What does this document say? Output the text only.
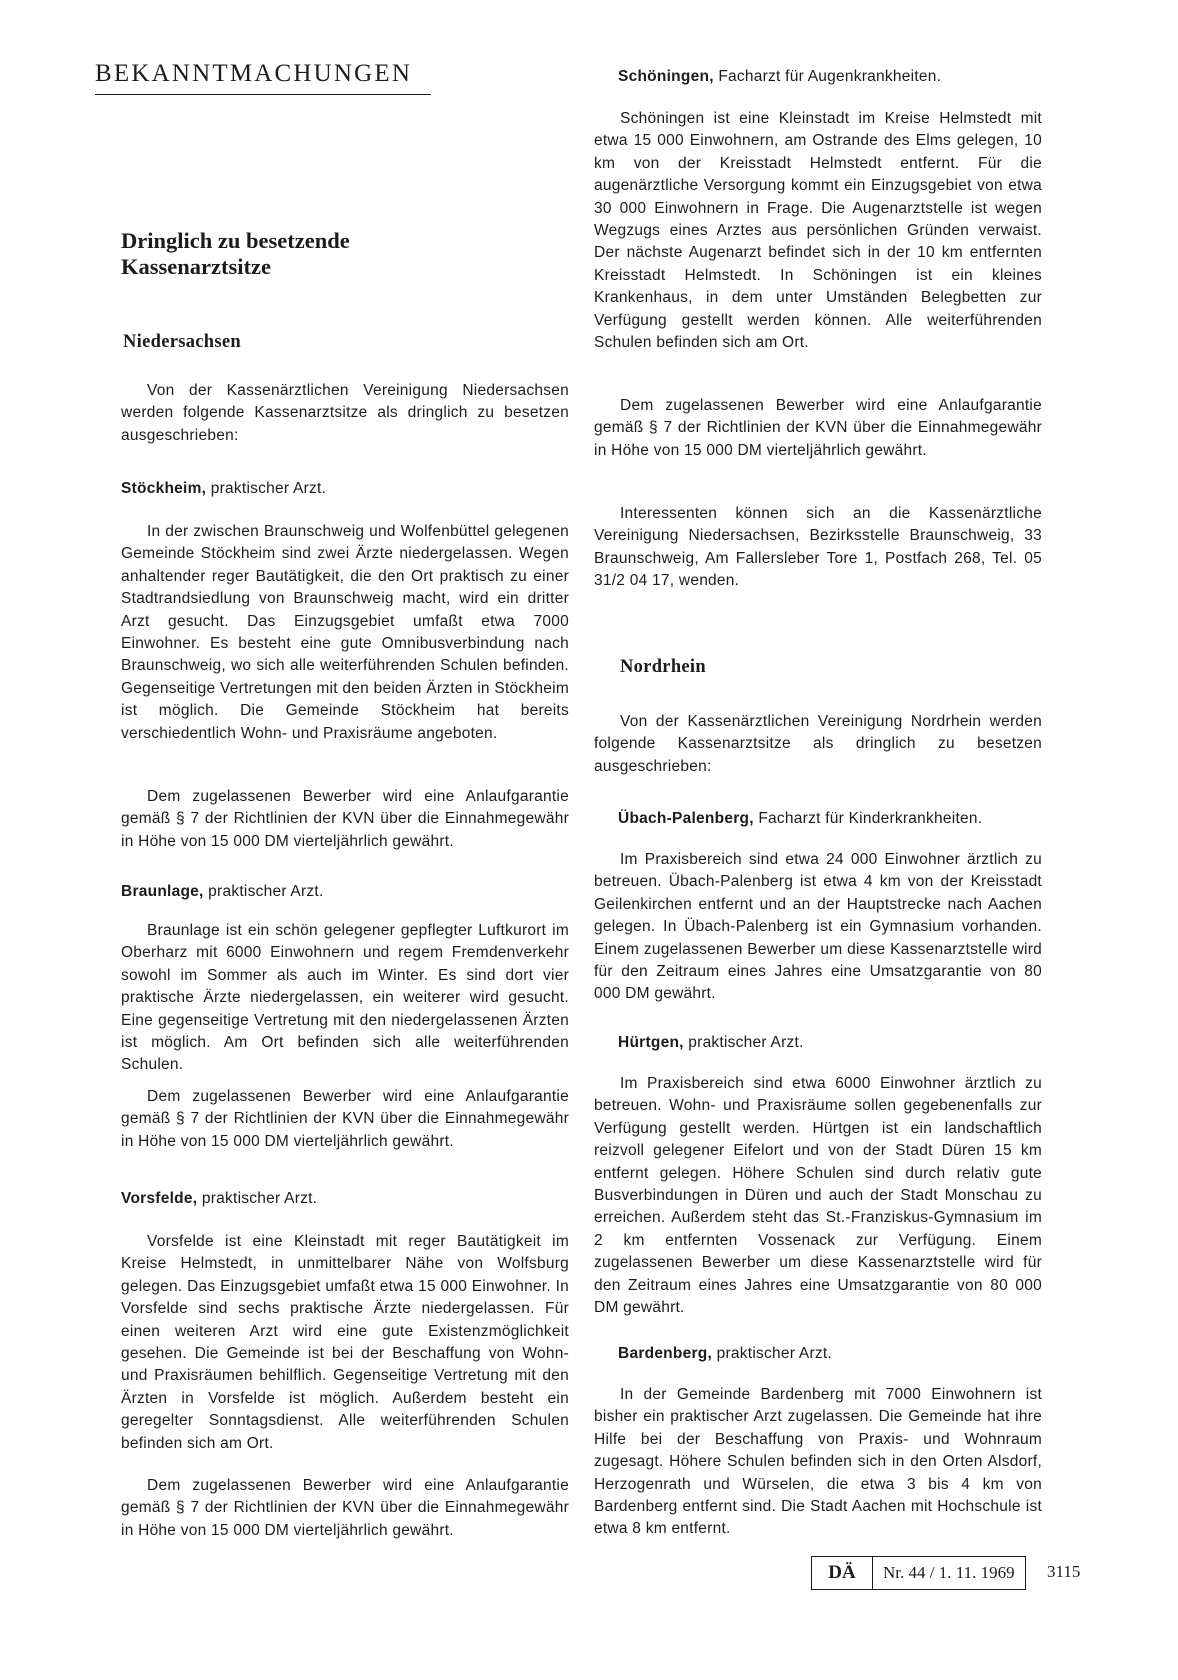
BEKANNTMACHUNGEN
Dringlich zu besetzende
Kassenarztsitze
Niedersachsen

Von der Kassenärztlichen Vereinigung Niedersachsen werden folgende Kassenarztsitze als dringlich zu besetzen ausgeschrieben:

Stöckheim, praktischer Arzt.

In der zwischen Braunschweig und Wolfenbüttel gelegenen Gemeinde Stöckheim sind zwei Ärzte niedergelassen. Wegen anhaltender reger Bautätigkeit, die den Ort praktisch zu einer Stadtrandsiedlung von Braunschweig macht, wird ein dritter Arzt gesucht. Das Einzugsgebiet umfaßt etwa 7000 Einwohner. Es besteht eine gute Omnibusverbindung nach Braunschweig, wo sich alle weiterführenden Schulen befinden. Gegenseitige Vertretungen mit den beiden Ärzten in Stöckheim ist möglich. Die Gemeinde Stöckheim hat bereits verschiedentlich Wohn- und Praxisräume angeboten.

Dem zugelassenen Bewerber wird eine Anlaufgarantie gemäß § 7 der Richtlinien der KVN über die Einnahmegewähr in Höhe von 15 000 DM vierteljährlich gewährt.

Braunlage, praktischer Arzt.

Braunlage ist ein schön gelegener gepflegter Luftkurort im Oberharz mit 6000 Einwohnern und regem Fremdenverkehr sowohl im Sommer als auch im Winter. Es sind dort vier praktische Ärzte niedergelassen, ein weiterer wird gesucht. Eine gegenseitige Vertretung mit den niedergelassenen Ärzten ist möglich. Am Ort befinden sich alle weiterführenden Schulen.

Dem zugelassenen Bewerber wird eine Anlaufgarantie gemäß § 7 der Richtlinien der KVN über die Einnahmegewähr in Höhe von 15 000 DM vierteljährlich gewährt.

Vorsfelde, praktischer Arzt.

Vorsfelde ist eine Kleinstadt mit reger Bautätigkeit im Kreise Helmstedt, in unmittelbarer Nähe von Wolfsburg gelegen. Das Einzugsgebiet umfaßt etwa 15 000 Einwohner. In Vorsfelde sind sechs praktische Ärzte niedergelassen. Für einen weiteren Arzt wird eine gute Existenzmöglichkeit gesehen. Die Gemeinde ist bei der Beschaffung von Wohn- und Praxisräumen behilflich. Gegenseitige Vertretung mit den Ärzten in Vorsfelde ist möglich. Außerdem besteht ein geregelter Sonntagsdienst. Alle weiterführenden Schulen befinden sich am Ort.

Dem zugelassenen Bewerber wird eine Anlaufgarantie gemäß § 7 der Richtlinien der KVN über die Einnahmegewähr in Höhe von 15 000 DM vierteljährlich gewährt.

Schöningen, Facharzt für Augenkrankheiten.

Schöningen ist eine Kleinstadt im Kreise Helmstedt mit etwa 15 000 Einwohnern, am Ostrande des Elms gelegen, 10 km von der Kreisstadt Helmstedt entfernt. Für die augenärztliche Versorgung kommt ein Einzugsgebiet von etwa 30 000 Einwohnern in Frage. Die Augenarztstelle ist wegen Wegzugs eines Arztes aus persönlichen Gründen verwaist. Der nächste Augenarzt befindet sich in der 10 km entfernten Kreisstadt Helmstedt. In Schöningen ist ein kleines Krankenhaus, in dem unter Umständen Belegbetten zur Verfügung gestellt werden können. Alle weiterführenden Schulen befinden sich am Ort.

Dem zugelassenen Bewerber wird eine Anlaufgarantie gemäß § 7 der Richtlinien der KVN über die Einnahmegewähr in Höhe von 15 000 DM vierteljährlich gewährt.

Interessenten können sich an die Kassenärztliche Vereinigung Niedersachsen, Bezirksstelle Braunschweig, 33 Braunschweig, Am Fallersleber Tore 1, Postfach 268, Tel. 05 31/2 04 17, wenden.

Nordrhein

Von der Kassenärztlichen Vereinigung Nordrhein werden folgende Kassenarztsitze als dringlich zu besetzen ausgeschrieben:

Übach-Palenberg, Facharzt für Kinderkrankheiten.

Im Praxisbereich sind etwa 24 000 Einwohner ärztlich zu betreuen. Übach-Palenberg ist etwa 4 km von der Kreisstadt Geilenkirchen entfernt und an der Hauptstrecke nach Aachen gelegen. In Übach-Palenberg ist ein Gymnasium vorhanden. Einem zugelassenen Bewerber um diese Kassenarztstelle wird für den Zeitraum eines Jahres eine Umsatzgarantie von 80 000 DM gewährt.

Hürtgen, praktischer Arzt.

Im Praxisbereich sind etwa 6000 Einwohner ärztlich zu betreuen. Wohn- und Praxisräume sollen gegebenenfalls zur Verfügung gestellt werden. Hürtgen ist ein landschaftlich reizvoll gelegener Eifelort und von der Stadt Düren 15 km entfernt gelegen. Höhere Schulen sind durch relativ gute Busverbindungen in Düren und auch der Stadt Monschau zu erreichen. Außerdem steht das St.-Franziskus-Gymnasium im 2 km entfernten Vossenack zur Verfügung. Einem zugelassenen Bewerber um diese Kassenarztstelle wird für den Zeitraum eines Jahres eine Umsatzgarantie von 80 000 DM gewährt.

Bardenberg, praktischer Arzt.

In der Gemeinde Bardenberg mit 7000 Einwohnern ist bisher ein praktischer Arzt zugelassen. Die Gemeinde hat ihre Hilfe bei der Beschaffung von Praxis- und Wohnraum zugesagt. Höhere Schulen befinden sich in den Orten Alsdorf, Herzogenrath und Würselen, die etwa 3 bis 4 km von Bardenberg entfernt sind. Die Stadt Aachen mit Hochschule ist etwa 8 km entfernt.

DÄ	Nr. 44 / 1. 11. 1969	3115
